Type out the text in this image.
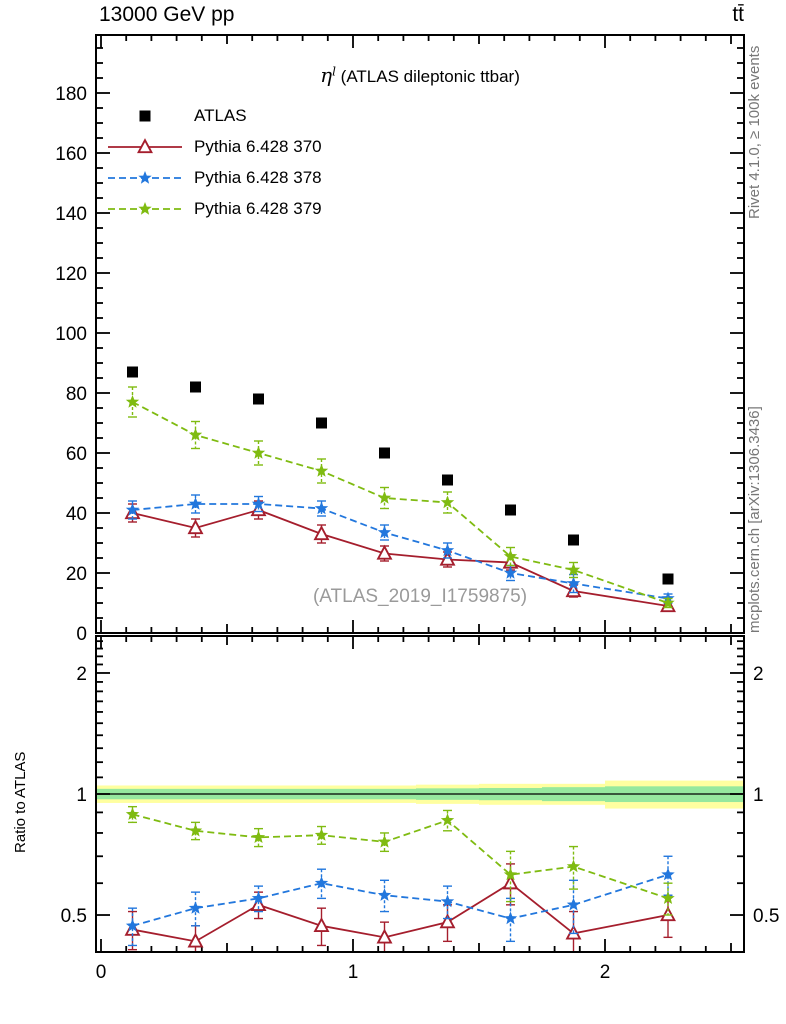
0
20
40
60
80
100
120
140
160
180
0	1	2
0.5	0.5
1	1
2	2
13000 GeV pp	tt̄
$\eta^l$ (ATLAS dileptonic ttbar)
ATLAS
Pythia 6.428 370
Pythia 6.428 378
Pythia 6.428 379
(ATLAS_2019_I1759875)
Rivet 4.1.0, ≥ 100k events
mcplots.cern.ch [arXiv:1306.3436]
Ratio to ATLAS
